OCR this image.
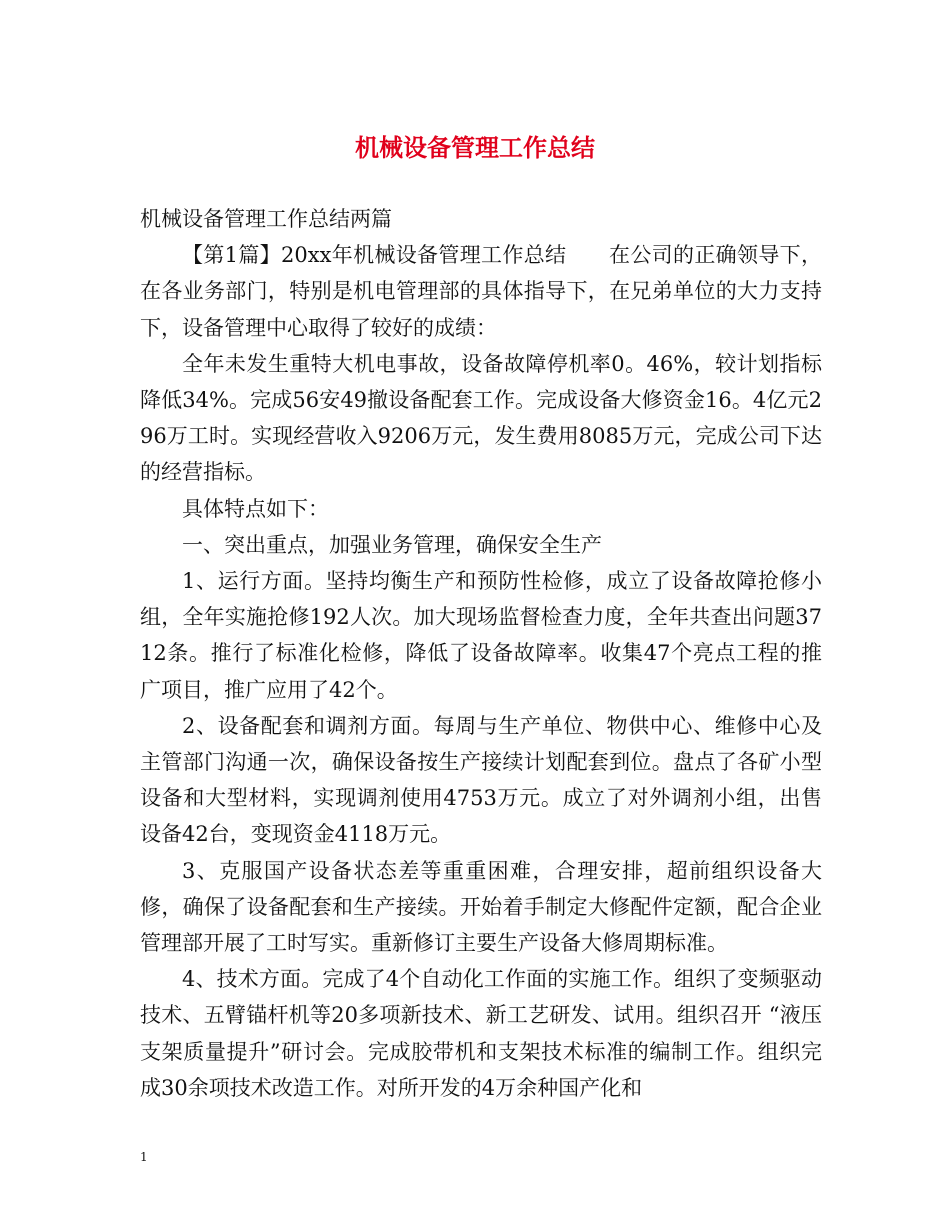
机械设备管理工作总结

机械设备管理工作总结两篇

【第1篇】20xx年机械设备管理工作总结　　在公司的正确领导下，在各业务部门，特别是机电管理部的具体指导下，在兄弟单位的大力支持下，设备管理中心取得了较好的成绩：

全年未发生重特大机电事故，设备故障停机率0。46%，较计划指标降低34%。完成56安49撤设备配套工作。完成设备大修资金16。4亿元296万工时。实现经营收入9206万元，发生费用8085万元，完成公司下达的经营指标。

具体特点如下：

一、突出重点，加强业务管理，确保安全生产

1、运行方面。坚持均衡生产和预防性检修，成立了设备故障抢修小组，全年实施抢修192人次。加大现场监督检查力度，全年共查出问题3712条。推行了标准化检修，降低了设备故障率。收集47个亮点工程的推广项目，推广应用了42个。

2、设备配套和调剂方面。每周与生产单位、物供中心、维修中心及主管部门沟通一次，确保设备按生产接续计划配套到位。盘点了各矿小型设备和大型材料，实现调剂使用4753万元。成立了对外调剂小组，出售设备42台，变现资金4118万元。

3、克服国产设备状态差等重重困难，合理安排，超前组织设备大修，确保了设备配套和生产接续。开始着手制定大修配件定额，配合企业管理部开展了工时写实。重新修订主要生产设备大修周期标准。

4、技术方面。完成了4个自动化工作面的实施工作。组织了变频驱动技术、五臂锚杆机等20多项新技术、新工艺研发、试用。组织召开 “液压支架质量提升”研讨会。完成胶带机和支架技术标准的编制工作。组织完成30余项技术改造工作。对所开发的4万余种国产化和

1
